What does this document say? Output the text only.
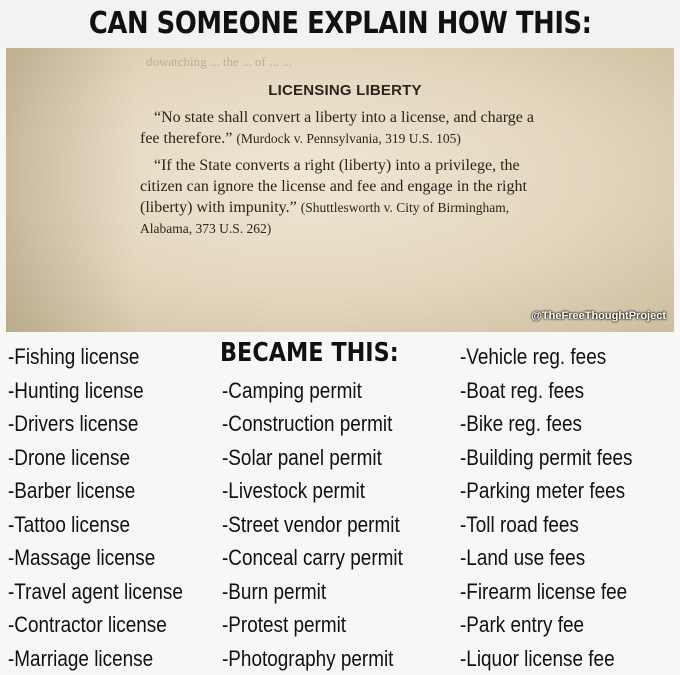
CAN SOMEONE EXPLAIN HOW THIS:
dowatching ... the ... of ... ...
LICENSING LIBERTY

“No state shall convert a liberty into a license, and charge a fee therefore.” (Murdock v. Pennsylvania, 319 U.S. 105)

“If the State converts a right (liberty) into a privilege, the citizen can ignore the license and fee and engage in the right (liberty) with impunity.” (Shuttlesworth v. City of Birmingham, Alabama, 373 U.S. 262)

@TheFreeThoughtProject
BECAME THIS:
-Fishing license
-Hunting license
-Drivers license
-Drone license
-Barber license
-Tattoo license
-Massage license
-Travel agent license
-Contractor license
-Marriage license
-Camping permit
-Construction permit
-Solar panel permit
-Livestock permit
-Street vendor permit
-Conceal carry permit
-Burn permit
-Protest permit
-Photography permit
-Vehicle reg. fees
-Boat reg. fees
-Bike reg. fees
-Building permit fees
-Parking meter fees
-Toll road fees
-Land use fees
-Firearm license fee
-Park entry fee
-Liquor license fee
